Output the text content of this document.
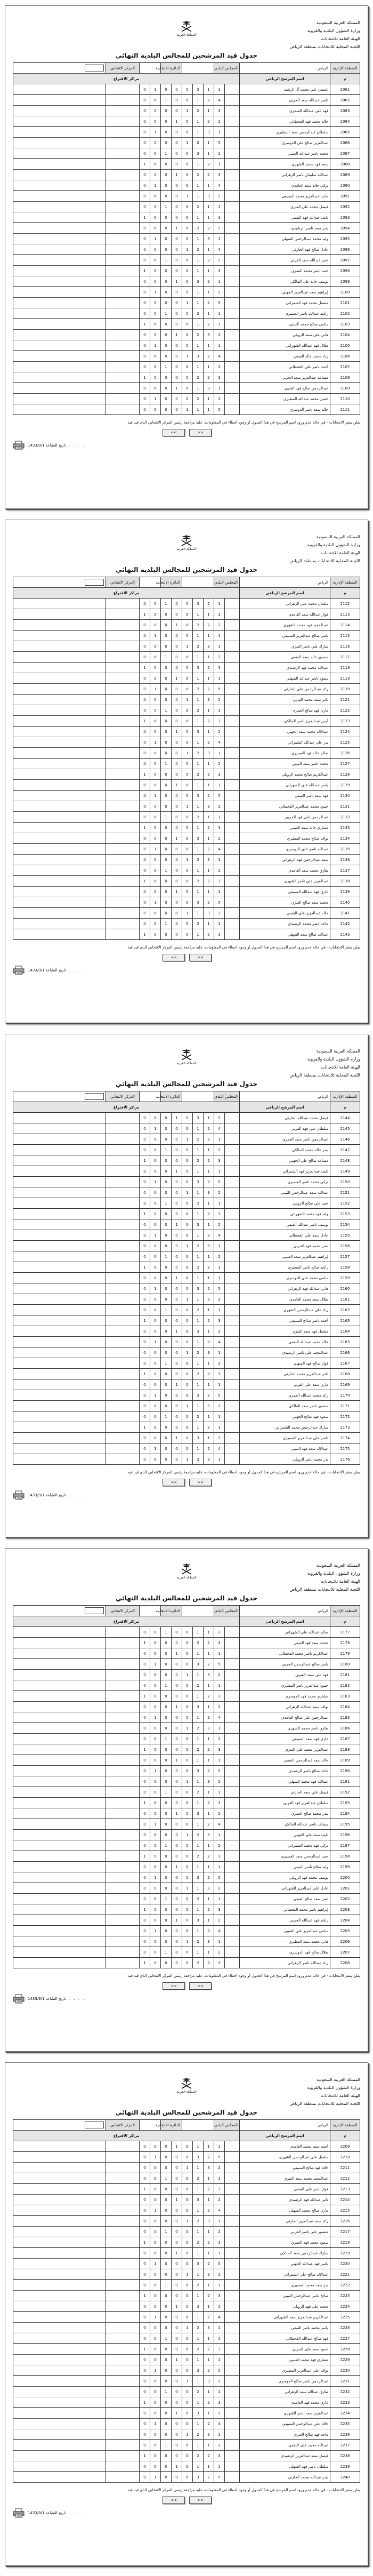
المملكة العربية السعودية
وزارة الشؤون البلدية والقروية
الهيئة العامة للانتخابات
اللجنة المحلية للانتخابات بمنطقة الرياض
المملكة العربية
جدول قيد المرشحين للمجالس البلدية النهائي
المنطقة الإدارية	الرياض	المجلس البلدي					الدائرة الانتخابية				المركز الانتخابي	
م	اسم المرشح الرباعي	مراكز الاقتراع										
2081	عفيفي علي محمد آل الرشيد		1	1	3	0	0	0	1	0		
2082	ناصر عبدالله سعد الحربي		4	2	1	0	0	1	0	0		
2083	فهد علي عبدالله الشمري		3	1	2	1	0	0	0	0		
2084	خالد محمد فهد القحطاني		2	2	1	0	1	0	0	0		
2085	سلطان عبدالرحمن سعد المطيري		1	3	1	0	0	0	1	0		
2086	عبدالعزيز صالح علي الدوسري		5	1	0	1	0	0	0	0		
2087	محمد ناصر عبدالله العتيبي		2	1	3	0	0	1	0	0		
2088	سعد فهد محمد الشهري		1	2	1	0	0	0	0	1		
2089	عبدالله سليمان ناصر الزهراني		3	2	2	0	1	0	0	0		
2090	تركي خالد سعد الغامدي		4	1	1	0	0	0	1	0		
2091	ماجد عبدالعزيز محمد السبيعي		2	3	1	1	0	0	0	0		
2092	فيصل محمد علي العنزي		1	1	2	0	0	1	0	0		
2093	نايف عبدالله فهد البقمي		3	1	1	0	0	0	0	1		
2094	بندر سعد ناصر الرشيدي		2	2	2	0	1	0	0	0		
2095	وليد محمد عبدالرحمن السهلي		1	3	1	0	0	0	1	0		
2096	عادل صالح فهد الحارثي		4	1	2	1	0	0	0	0		
2097	عمر عبدالله سعد القرني		2	2	1	0	0	1	0	0		
2098	حمد ناصر محمد العمري		3	1	1	0	0	0	0	1		
2099	يوسف خالد علي المالكي		1	2	3	0	1	0	0	0		
2100	إبراهيم سعد عبدالعزيز الجهني		2	1	1	0	0	0	1	0		
2101	مشعل محمد فهد الشمراني		5	2	1	1	0	0	0	0		
2102	راشد عبدالله ناصر العسيري		1	1	2	0	0	1	0	0		
2103	سامي صالح محمد الثبيتي		3	2	1	0	0	0	0	1		
2104	هاني علي سعد الرويلي		2	3	2	0	1	0	0	0		
2105	طلال فهد عبدالله الشهراني		1	1	1	0	0	0	1	0		
2106	زياد محمد خالد الفيفي		4	2	3	1	0	0	0	0		
2107	أحمد ناصر علي القحطاني		2	1	1	0	0	1	0	0		
2108	مساعد عبدالعزيز سعد الحربي		3	2	2	0	0	0	0	1		
2109	عبدالرحمن صالح فهد العتيبي		1	3	1	0	1	0	0	0		
2110	حسن محمد عبدالله المطيري		2	1	2	0	0	0	1	0		
2111	خالد سعد ناصر الدوسري		5	1	1	1	0	0	0	0		
يعلن بمقر الانتخابات - في حالة عدم ورود اسم المرشح في هذا الجدول أو وجود أخطاء في المعلومات، عليه مراجعة رئيس المركز الانتخابي الذي قيد فيه
<<	>>
1433/9/1 تاريخ الطباعة . . . .
المملكة العربية السعودية
وزارة الشؤون البلدية والقروية
الهيئة العامة للانتخابات
اللجنة المحلية للانتخابات بمنطقة الرياض
المملكة العربية
جدول قيد المرشحين للمجالس البلدية النهائي
المنطقة الإدارية	الرياض	المجلس البلدي					الدائرة الانتخابية				المركز الانتخابي	
م	اسم المرشح الرباعي	مراكز الاقتراع										
2112	سلمان محمد علي الزهراني		1	2	3	0	0	1	0	0		
2113	فواز عبدالله سعد الغامدي		3	1	1	0	0	0	0	1		
2114	عبدالمجيد فهد محمد الشهري		2	2	2	0	1	0	0	0		
2115	ناصر صالح عبدالعزيز السبيعي		4	1	1	0	0	0	1	0		
2116	مبارك علي ناصر العنزي		1	3	2	1	0	0	0	0		
2117	منصور خالد سعد البقمي		2	1	1	0	0	1	0	0		
2118	عبدالله محمد فهد الرشيدي		3	2	3	0	0	0	0	1		
2119	سعود ناصر عبدالله السهلي		1	1	1	0	1	0	0	0		
2120	رائد عبدالرحمن علي الحارثي		5	2	2	0	0	0	1	0		
2121	ثامر سعد محمد القرني		2	3	1	1	0	0	0	0		
2122	مازن فهد صالح العمري		1	1	2	0	0	1	0	0		
2123	أيمن عبدالعزيز ناصر المالكي		3	2	1	0	0	0	0	1		
2124	عبدالإله محمد سعد الجهني		2	1	3	0	1	0	0	0		
2125	بدر علي عبدالله الشمراني		4	2	1	0	0	0	1	0		
2126	صالح خالد فهد العسيري		1	3	2	1	0	0	0	0		
2127	محمد ناصر سعد الثبيتي		2	1	1	0	0	1	0	0		
2128	عبدالكريم صالح محمد الرويلي		3	2	2	0	0	0	0	1		
2129	ياسر عبدالله علي الشهراني		1	1	1	0	1	0	0	0		
2130	فهد سعد ناصر الفيفي		5	2	3	0	0	0	1	0		
2131	حمود محمد عبدالعزيز القحطاني		2	3	1	1	0	0	0	0		
2132	عبدالرحمن علي فهد الحربي		1	1	2	0	0	1	0	0		
2133	مشاري خالد سعد العتيبي		3	2	1	0	0	0	0	1		
2134	نواف صالح محمد المطيري		2	1	3	0	1	0	0	0		
2135	عبدالله ناصر علي الدوسري		4	2	1	0	0	0	1	0		
2136	سعد عبدالرحمن فهد الزهراني		1	3	2	1	0	0	0	0		
2137	طارق محمد سعد الغامدي		2	1	1	0	0	1	0	0		
2138	عبدالعزيز علي ناصر الشهري		3	2	2	0	0	0	0	1		
2139	غازي فهد عبدالله السبيعي		1	1	1	0	1	0	0	0		
2140	محمد سعد صالح العنزي		5	2	3	0	0	0	1	0		
2141	خالد عبدالعزيز علي البقمي		2	3	1	1	0	0	0	0		
2142	ماجد ناصر محمد الرشيدي		1	1	2	0	0	1	0	0		
2143	عبدالله صالح سعد السهلي		3	2	1	0	0	0	0	1		
يعلن بمقر الانتخابات - في حالة عدم ورود اسم المرشح في هذا الجدول أو وجود أخطاء في المعلومات، عليه مراجعة رئيس المركز الانتخابي الذي قيد فيه
<<	>>
1433/9/1 تاريخ الطباعة . . . .
المملكة العربية السعودية
وزارة الشؤون البلدية والقروية
الهيئة العامة للانتخابات
اللجنة المحلية للانتخابات بمنطقة الرياض
المملكة العربية
جدول قيد المرشحين للمجالس البلدية النهائي
المنطقة الإدارية	الرياض	المجلس البلدي					الدائرة الانتخابية				المركز الانتخابي	
م	اسم المرشح الرباعي	مراكز الاقتراع										
2144	فيصل محمد عبدالله الحارثي		2	1	3	0	1	0	0	0		
2145	سلطان علي فهد القرني		4	2	1	0	0	0	1	0		
2146	عبدالرحمن ناصر سعد العمري		1	3	2	1	0	0	0	0		
2147	بندر خالد محمد المالكي		2	1	1	0	0	1	0	0		
2148	مساعد صالح علي الجهني		3	2	2	0	0	0	0	1		
2149	نايف عبدالعزيز فهد الشمراني		1	1	1	0	1	0	0	0		
2150	تركي محمد ناصر العسيري		5	2	3	0	0	0	1	0		
2151	عبدالله سعد عبدالرحمن الثبيتي		2	3	1	1	0	0	0	0		
2152	حمد علي صالح الرويلي		1	1	2	0	0	1	0	0		
2153	وليد فهد محمد الشهراني		3	2	1	0	0	0	0	1		
2154	يوسف ناصر عبدالله الفيفي		2	1	3	0	1	0	0	0		
2155	عادل سعد علي القحطاني		4	2	1	0	0	0	1	0		
2156	عمر محمد فهد الحربي		1	3	2	1	0	0	0	0		
2157	إبراهيم عبدالعزيز سعد العتيبي		2	1	1	0	0	1	0	0		
2158	راشد صالح ناصر المطيري		3	2	2	0	0	0	0	1		
2159	سامي محمد علي الدوسري		1	1	1	0	1	0	0	0		
2160	هاني عبدالله فهد الزهراني		5	2	3	0	0	0	1	0		
2161	طلال سعد محمد الغامدي		2	3	1	1	0	0	0	0		
2162	زياد علي عبدالرحمن الشهري		1	1	2	0	0	1	0	0		
2163	أحمد ناصر صالح السبيعي		3	2	1	0	0	0	0	1		
2164	مشعل فهد سعد العنزي		2	1	3	0	1	0	0	0		
2165	خالد محمد عبدالله البقمي		4	2	1	0	0	0	1	0		
2166	عبدالمجيد علي ناصر الرشيدي		1	3	2	1	0	0	0	0		
2167	فواز صالح فهد السهلي		2	1	1	0	0	1	0	0		
2168	ثامر عبدالعزيز محمد الحارثي		3	2	2	0	0	0	0	1		
2169	مازن سعد علي القرني		1	1	1	0	1	0	0	0		
2170	رائد محمد عبدالله العمري		5	2	3	0	0	0	1	0		
2171	منصور ناصر سعد المالكي		2	3	1	1	0	0	0	0		
2172	سعود فهد صالح الجهني		1	1	2	0	0	1	0	0		
2173	مبارك عبدالرحمن محمد الشمراني		3	2	1	0	0	0	0	1		
2174	ناصر علي عبدالعزيز العسيري		2	1	3	0	1	0	0	0		
2175	عبدالإله سعد فهد الثبيتي		4	2	1	0	0	0	1	0		
2176	بدر محمد ناصر الرويلي		1	3	2	1	0	0	0	0		
يعلن بمقر الانتخابات - في حالة عدم ورود اسم المرشح في هذا الجدول أو وجود أخطاء في المعلومات، عليه مراجعة رئيس المركز الانتخابي الذي قيد فيه
<<	>>
1433/9/1 تاريخ الطباعة . . . .
المملكة العربية السعودية
وزارة الشؤون البلدية والقروية
الهيئة العامة للانتخابات
اللجنة المحلية للانتخابات بمنطقة الرياض
المملكة العربية
جدول قيد المرشحين للمجالس البلدية النهائي
المنطقة الإدارية	الرياض	المجلس البلدي					الدائرة الانتخابية				المركز الانتخابي	
م	اسم المرشح الرباعي	مراكز الاقتراع										
2177	صالح عبدالله علي الشهراني		2	1	1	0	0	1	0	0		
2178	محمد سعد فهد الفيفي		3	2	2	0	0	0	0	1		
2179	عبدالكريم ناصر محمد القحطاني		1	1	1	0	1	0	0	0		
2180	ياسر صالح عبدالرحمن الحربي		5	2	3	0	0	0	1	0		
2181	فهد علي سعد العتيبي		2	3	1	1	0	0	0	0		
2182	حمود عبدالعزيز ناصر المطيري		1	1	2	0	0	1	0	0		
2183	مشاري محمد فهد الدوسري		3	2	1	0	0	0	0	1		
2184	نواف سعد عبدالله الزهراني		2	1	3	0	1	0	0	0		
2185	عبدالرحمن علي صالح الغامدي		4	2	1	0	0	0	1	0		
2186	طارق ناصر محمد الشهري		1	3	2	1	0	0	0	0		
2187	غازي فهد سعد السبيعي		2	1	1	0	0	1	0	0		
2188	عبدالعزيز محمد علي العنزي		3	2	2	0	0	0	0	1		
2189	خالد سعد عبدالرحمن البقمي		1	1	1	0	1	0	0	0		
2190	ماجد صالح ناصر الرشيدي		5	2	3	0	0	0	1	0		
2191	عبدالله فهد محمد السهلي		2	3	1	1	0	0	0	0		
2192	فيصل علي سعد الحارثي		1	1	2	0	0	1	0	0		
2193	سلطان عبدالعزيز فهد القرني		3	2	1	0	0	0	0	1		
2194	بندر محمد صالح العمري		2	1	3	0	1	0	0	0		
2195	مساعد ناصر عبدالله المالكي		4	2	1	0	0	0	1	0		
2196	نايف سعد علي الجهني		1	3	2	1	0	0	0	0		
2197	تركي فهد محمد الشمراني		2	1	1	0	0	1	0	0		
2198	حمد عبدالرحمن سعد العسيري		3	2	2	0	0	0	0	1		
2199	وليد صالح ناصر الثبيتي		1	1	1	0	1	0	0	0		
2200	يوسف محمد فهد الرويلي		5	2	3	0	0	0	1	0		
2201	عادل علي عبدالعزيز الشهراني		2	3	1	1	0	0	0	0		
2202	عمر سعد صالح الفيفي		1	1	2	0	0	1	0	0		
2203	إبراهيم ناصر محمد القحطاني		3	2	1	0	0	0	0	1		
2204	راشد فهد عبدالله الحربي		2	1	3	0	1	0	0	0		
2205	سامي عبدالعزيز علي العتيبي		4	2	1	0	0	0	1	0		
2206	هاني محمد سعد المطيري		1	3	2	1	0	0	0	0		
2207	طلال صالح فهد الدوسري		2	1	1	0	0	1	0	0		
2208	زياد عبدالله ناصر الزهراني		3	2	2	0	0	0	0	1		
يعلن بمقر الانتخابات - في حالة عدم ورود اسم المرشح في هذا الجدول أو وجود أخطاء في المعلومات، عليه مراجعة رئيس المركز الانتخابي الذي قيد فيه
<<	>>
1433/9/1 تاريخ الطباعة . . . .
المملكة العربية السعودية
وزارة الشؤون البلدية والقروية
الهيئة العامة للانتخابات
اللجنة المحلية للانتخابات بمنطقة الرياض
المملكة العربية
جدول قيد المرشحين للمجالس البلدية النهائي
المنطقة الإدارية	الرياض	المجلس البلدي					الدائرة الانتخابية				المركز الانتخابي	
م	اسم المرشح الرباعي	مراكز الاقتراع										
2209	أحمد سعد محمد الغامدي		1	1	1	0	1	0	0	0		
2210	مشعل علي عبدالرحمن الشهري		5	2	3	0	0	0	1	0		
2211	خالد فهد صالح السبيعي		2	3	1	1	0	0	0	0		
2212	عبدالمجيد محمد سعد العنزي		1	1	2	0	0	1	0	0		
2213	فواز ناصر علي البقمي		3	2	1	0	0	0	0	1		
2214	ثامر عبدالله فهد الرشيدي		2	1	3	0	1	0	0	0		
2215	مازن صالح محمد السهلي		4	2	1	0	0	0	1	0		
2216	رائد سعد عبدالعزيز الحارثي		1	3	2	1	0	0	0	0		
2217	منصور علي ناصر القرني		2	1	1	0	0	1	0	0		
2218	سعود محمد فهد العمري		3	2	2	0	0	0	0	1		
2219	مبارك عبدالرحمن سعد المالكي		1	1	1	0	1	0	0	0		
2220	ناصر فهد عبدالله الجهني		5	2	3	0	0	0	1	0		
2221	عبدالإله صالح علي الشمراني		2	3	1	1	0	0	0	0		
2222	بدر سعد محمد العسيري		1	1	2	0	0	1	0	0		
2223	صالح ناصر عبدالرحمن الثبيتي		3	2	1	0	0	0	0	1		
2224	محمد علي فهد الرويلي		2	1	3	0	1	0	0	0		
2225	عبدالكريم عبدالعزيز سعد الشهراني		4	2	1	0	0	0	1	0		
2226	ياسر محمد ناصر الفيفي		1	3	2	1	0	0	0	0		
2227	فهد صالح عبدالله القحطاني		2	1	1	0	0	1	0	0		
2228	حمود سعد علي الحربي		3	2	2	0	0	0	0	1		
2229	مشاري فهد محمد العتيبي		1	1	1	0	1	0	0	0		
2230	نواف علي عبدالعزيز المطيري		5	2	3	0	0	0	1	0		
2231	عبدالرحمن ناصر صالح الدوسري		2	3	1	1	0	0	0	0		
2232	طارق عبدالله سعد الزهراني		1	1	2	0	0	1	0	0		
2233	غازي محمد فهد الغامدي		3	2	1	0	0	0	0	1		
2234	عبدالعزيز سعد ناصر الشهري		2	1	3	0	1	0	0	0		
2235	خالد علي عبدالرحمن السبيعي		4	2	1	0	0	0	1	0		
2236	ماجد فهد صالح العنزي		1	3	2	1	0	0	0	0		
2237	عبدالله محمد علي البقمي		2	1	1	0	0	1	0	0		
2238	فيصل سعد عبدالعزيز الرشيدي		3	2	2	0	0	0	0	1		
2239	سلطان ناصر فهد السهلي		1	1	1	0	1	0	0	0		
2240	بندر عبدالله محمد الحارثي		5	2	3	0	0	0	1	0		
يعلن بمقر الانتخابات - في حالة عدم ورود اسم المرشح في هذا الجدول أو وجود أخطاء في المعلومات، عليه مراجعة رئيس المركز الانتخابي الذي قيد فيه
<<	>>
1433/9/1 تاريخ الطباعة . . . .
